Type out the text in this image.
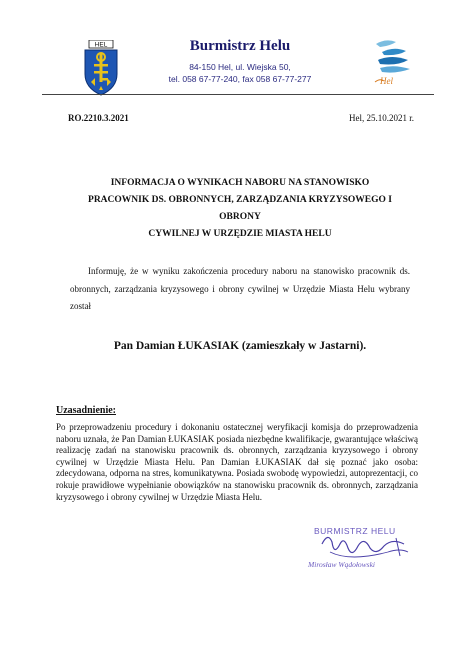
HEL	Burmistrz Helu
84-150 Hel, ul. Wiejska 50,
tel. 058 67-77-240, fax 058 67-77-277	Hel
RO.2210.3.2021	Hel, 25.10.2021 r.
INFORMACJA O WYNIKACH NABORU NA STANOWISKO
PRACOWNIK DS. OBRONNYCH, ZARZĄDZANIA KRYZYSOWEGO I OBRONY
CYWILNEJ W URZĘDZIE MIASTA HELU
Informuję, że w wyniku zakończenia procedury naboru na stanowisko pracownik ds. obronnych, zarządzania kryzysowego i obrony cywilnej w Urzędzie Miasta Helu wybrany został
Pan Damian ŁUKASIAK (zamieszkały w Jastarni).
Uzasadnienie:
Po przeprowadzeniu procedury i dokonaniu ostatecznej weryfikacji komisja do przeprowadzenia naboru uznała, że Pan Damian ŁUKASIAK posiada niezbędne kwalifikacje, gwarantujące właściwą realizację zadań na stanowisku pracownik ds. obronnych, zarządzania kryzysowego i obrony cywilnej w Urzędzie Miasta Helu. Pan Damian ŁUKASIAK dał się poznać jako osoba: zdecydowana, odporna na stres, komunikatywna. Posiada swobodę wypowiedzi, autoprezentacji, co rokuje prawidłowe wypełnianie obowiązków na stanowisku pracownik ds. obronnych, zarządzania kryzysowego i obrony cywilnej w Urzędzie Miasta Helu.
BURMISTRZ HELU
Mirosław Wądołowski
